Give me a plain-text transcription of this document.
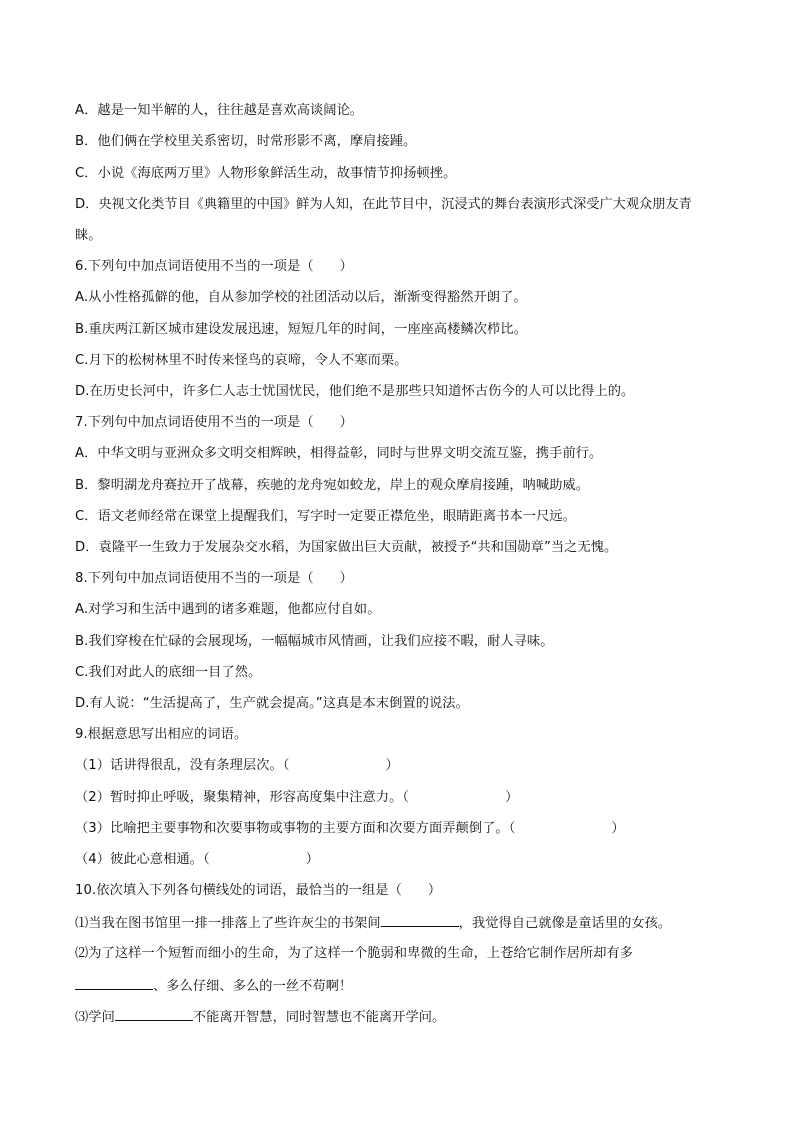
A．越是一知半解的人，往往越是喜欢高谈阔论。
B．他们俩在学校里关系密切，时常形影不离，摩肩接踵。
C．小说《海底两万里》人物形象鲜活生动，故事情节抑扬顿挫。
D．央视文化类节目《典籍里的中国》鲜为人知，在此节目中，沉浸式的舞台表演形式深受广大观众朋友青
睐。
6.下列句中加点词语使用不当的一项是（ ）
A.从小性格孤僻的他，自从参加学校的社团活动以后，渐渐变得豁然开朗了。
B.重庆两江新区城市建设发展迅速，短短几年的时间，一座座高楼鳞次栉比。
C.月下的松树林里不时传来怪鸟的哀啼，令人不寒而栗。
D.在历史长河中，许多仁人志士忧国忧民，他们绝不是那些只知道怀古伤今的人可以比得上的。
7.下列句中加点词语使用不当的一项是（ ）
A．中华文明与亚洲众多文明交相辉映，相得益彰，同时与世界文明交流互鉴，携手前行。
B．黎明湖龙舟赛拉开了战幕，疾驰的龙舟宛如蛟龙，岸上的观众摩肩接踵，呐喊助威。
C．语文老师经常在课堂上提醒我们，写字时一定要正襟危坐，眼睛距离书本一尺远。
D．袁隆平一生致力于发展杂交水稻，为国家做出巨大贡献，被授予“共和国勋章”当之无愧。
8.下列句中加点词语使用不当的一项是（ ）
A.对学习和生活中遇到的诸多难题，他都应付自如。
B.我们穿梭在忙碌的会展现场，一幅幅城市风情画，让我们应接不暇，耐人寻味。
C.我们对此人的底细一目了然。
D.有人说：“生活提高了，生产就会提高。”这真是本末倒置的说法。
9.根据意思写出相应的词语。
（1）话讲得很乱，没有条理层次。（	）
（2）暂时抑止呼吸，聚集精神，形容高度集中注意力。（	）
（3）比喻把主要事物和次要事物或事物的主要方面和次要方面弄颠倒了。（	）
（4）彼此心意相通。（	）
10.依次填入下列各句横线处的词语，最恰当的一组是（ ）
⑴当我在图书馆里一排一排落上了些许灰尘的书架间	，我觉得自己就像是童话里的女孩。
⑵为了这样一个短暂而细小的生命，为了这样一个脆弱和卑微的生命，上苍给它制作居所却有多
、多么仔细、多么的一丝不苟啊！
⑶学问	不能离开智慧，同时智慧也不能离开学问。
